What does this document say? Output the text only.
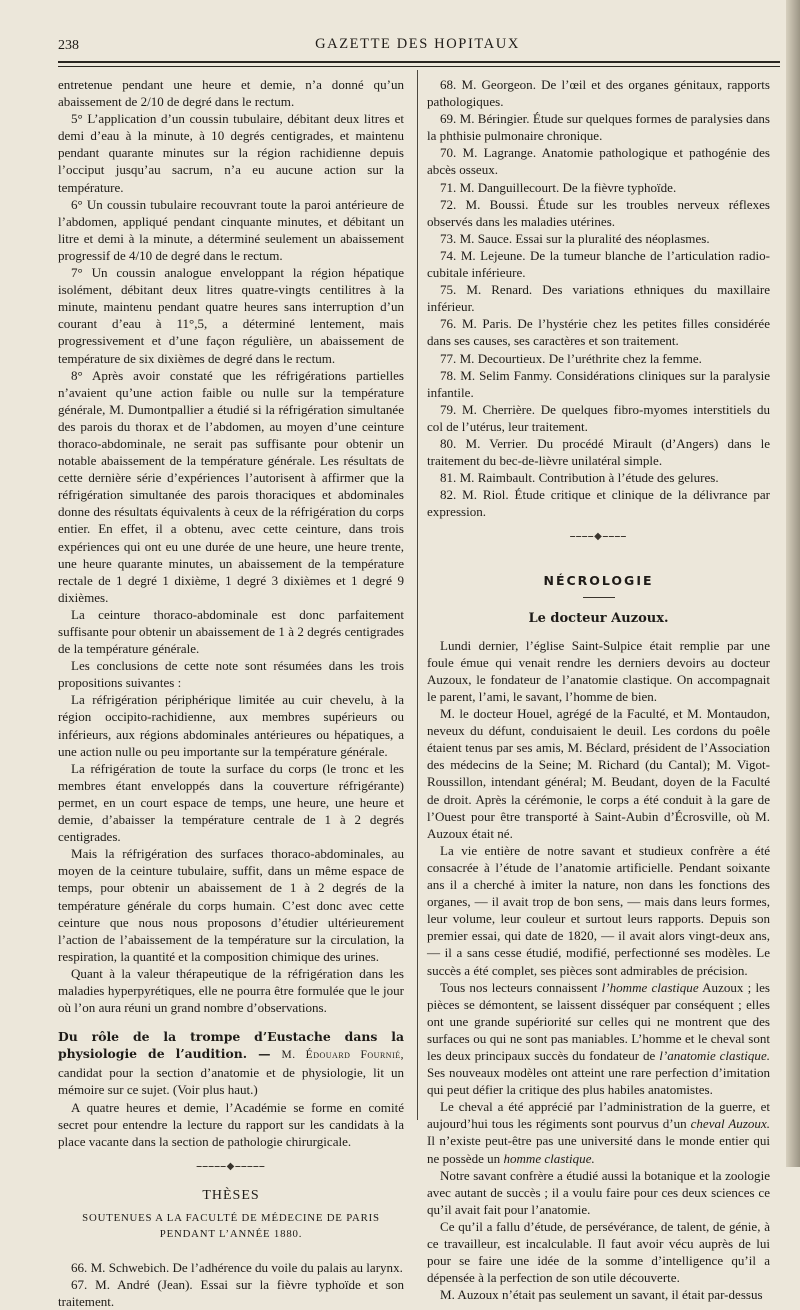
238	GAZETTE DES HOPITAUX

entretenue pendant une heure et demie, n’a donné qu’un abaissement de 2/10 de degré dans le rectum.

5° L’application d’un coussin tubulaire, débitant deux litres et demi d’eau à la minute, à 10 degrés centigrades, et maintenu pendant quarante minutes sur la région rachidienne depuis l’occiput jusqu’au sacrum, n’a eu aucune action sur la température.

6° Un coussin tubulaire recouvrant toute la paroi antérieure de l’abdomen, appliqué pendant cinquante minutes, et débitant un litre et demi à la minute, a déterminé seulement un abaissement progressif de 4/10 de degré dans le rectum.

7° Un coussin analogue enveloppant la région hépatique isolément, débitant deux litres quatre-vingts centilitres à la minute, maintenu pendant quatre heures sans interruption d’un courant d’eau à 11°,5, a déterminé lentement, mais progressivement et d’une façon régulière, un abaissement de température de six dixièmes de degré dans le rectum.

8° Après avoir constaté que les réfrigérations partielles n’avaient qu’une action faible ou nulle sur la température générale, M. Dumontpallier a étudié si la réfrigération simultanée des parois du thorax et de l’abdomen, au moyen d’une ceinture thoraco-abdominale, ne serait pas suffisante pour obtenir un notable abaissement de la température générale. Les résultats de cette dernière série d’expériences l’autorisent à affirmer que la réfrigération simultanée des parois thoraciques et abdominales donne des résultats équivalents à ceux de la réfrigération du corps entier. En effet, il a obtenu, avec cette ceinture, dans trois expériences qui ont eu une durée de une heure, une heure trente, une heure quarante minutes, un abaissement de la température rectale de 1 degré 1 dixième, 1 degré 3 dixièmes et 1 degré 9 dixièmes.

La ceinture thoraco-abdominale est donc parfaitement suffisante pour obtenir un abaissement de 1 à 2 degrés centigrades de la température générale.

Les conclusions de cette note sont résumées dans les trois propositions suivantes :

La réfrigération périphérique limitée au cuir chevelu, à la région occipito-rachidienne, aux membres supérieurs ou inférieurs, aux régions abdominales antérieures ou hépatiques, a une action nulle ou peu importante sur la température générale.

La réfrigération de toute la surface du corps (le tronc et les membres étant enveloppés dans la couverture réfrigérante) permet, en un court espace de temps, une heure, une heure et demie, d’abaisser la température centrale de 1 à 2 degrés centigrades.

Mais la réfrigération des surfaces thoraco-abdominales, au moyen de la ceinture tubulaire, suffit, dans un même espace de temps, pour obtenir un abaissement de 1 à 2 degrés de la température générale du corps humain. C’est donc avec cette ceinture que nous nous proposons d’étudier ultérieurement l’action de l’abaissement de la température sur la circulation, la respiration, la quantité et la composition chimique des urines.

Quant à la valeur thérapeutique de la réfrigération dans les maladies hyperpyrétiques, elle ne pourra être formulée que le jour où l’on aura réuni un grand nombre d’observations.

Du rôle de la trompe d’Eustache dans la physiologie de l’audition. — M. Édouard Fournié, candidat pour la section d’anatomie et de physiologie, lit un mémoire sur ce sujet. (Voir plus haut.)

A quatre heures et demie, l’Académie se forme en comité secret pour entendre la lecture du rapport sur les candidats à la place vacante dans la section de pathologie chirurgicale.

⎯⎯⎯⎯⎯◆⎯⎯⎯⎯⎯
THÈSES
SOUTENUES A LA FACULTÉ DE MÉDECINE DE PARIS
PENDANT L’ANNÉE 1880.

66. M. Schwebich. De l’adhérence du voile du palais au larynx.

67. M. André (Jean). Essai sur la fièvre typhoïde et son traitement.

68. M. Georgeon. De l’œil et des organes génitaux, rapports pathologiques.

69. M. Béringier. Étude sur quelques formes de paralysies dans la phthisie pulmonaire chronique.

70. M. Lagrange. Anatomie pathologique et pathogénie des abcès osseux.

71. M. Danguillecourt. De la fièvre typhoïde.

72. M. Boussi. Étude sur les troubles nerveux réflexes observés dans les maladies utérines.

73. M. Sauce. Essai sur la pluralité des néoplasmes.

74. M. Lejeune. De la tumeur blanche de l’articulation radio-cubitale inférieure.

75. M. Renard. Des variations ethniques du maxillaire inférieur.

76. M. Paris. De l’hystérie chez les petites filles considérée dans ses causes, ses caractères et son traitement.

77. M. Decourtieux. De l’uréthrite chez la femme.

78. M. Selim Fanmy. Considérations cliniques sur la paralysie infantile.

79. M. Cherrière. De quelques fibro-myomes interstitiels du col de l’utérus, leur traitement.

80. M. Verrier. Du procédé Mirault (d’Angers) dans le traitement du bec-de-lièvre unilatéral simple.

81. M. Raimbault. Contribution à l’étude des gelures.

82. M. Riol. Étude critique et clinique de la délivrance par expression.

⎯⎯⎯⎯◆⎯⎯⎯⎯
NÉCROLOGIE
Le docteur Auzoux.

Lundi dernier, l’église Saint-Sulpice était remplie par une foule émue qui venait rendre les derniers devoirs au docteur Auzoux, le fondateur de l’anatomie clastique. On accompagnait le parent, l’ami, le savant, l’homme de bien.

M. le docteur Houel, agrégé de la Faculté, et M. Montaudon, neveux du défunt, conduisaient le deuil. Les cordons du poêle étaient tenus par ses amis, M. Béclard, président de l’Association des médecins de la Seine; M. Richard (du Cantal); M. Vigot-Roussillon, intendant général; M. Beudant, doyen de la Faculté de droit. Après la cérémonie, le corps a été conduit à la gare de l’Ouest pour être transporté à Saint-Aubin d’Écrosville, où M. Auzoux était né.

La vie entière de notre savant et studieux confrère a été consacrée à l’étude de l’anatomie artificielle. Pendant soixante ans il a cherché à imiter la nature, non dans les fonctions des organes, — il avait trop de bon sens, — mais dans leurs formes, leur volume, leur couleur et surtout leurs rapports. Depuis son premier essai, qui date de 1820, — il avait alors vingt-deux ans, — il a sans cesse étudié, modifié, perfectionné ses modèles. Le succès a été complet, ses pièces sont admirables de précision.

Tous nos lecteurs connaissent l’homme clastique Auzoux ; les pièces se démontent, se laissent disséquer par conséquent ; elles ont une grande supériorité sur celles qui ne montrent que des surfaces ou qui ne sont pas maniables. L’homme et le cheval sont les deux principaux succès du fondateur de l’anatomie clastique. Ses nouveaux modèles ont atteint une rare perfection d’imitation qui peut défier la critique des plus habiles anatomistes.

Le cheval a été apprécié par l’administration de la guerre, et aujourd’hui tous les régiments sont pourvus d’un cheval Auzoux. Il n’existe peut-être pas une université dans le monde entier qui ne possède un homme clastique.

Notre savant confrère a étudié aussi la botanique et la zoologie avec autant de succès ; il a voulu faire pour ces deux sciences ce qu’il avait fait pour l’anatomie.

Ce qu’il a fallu d’étude, de persévérance, de talent, de génie, à ce travailleur, est incalculable. Il faut avoir vécu auprès de lui pour se faire une idée de la somme d’intelligence qu’il a dépensée à la perfection de son utile découverte.

M. Auzoux n’était pas seulement un savant, il était par-dessus
